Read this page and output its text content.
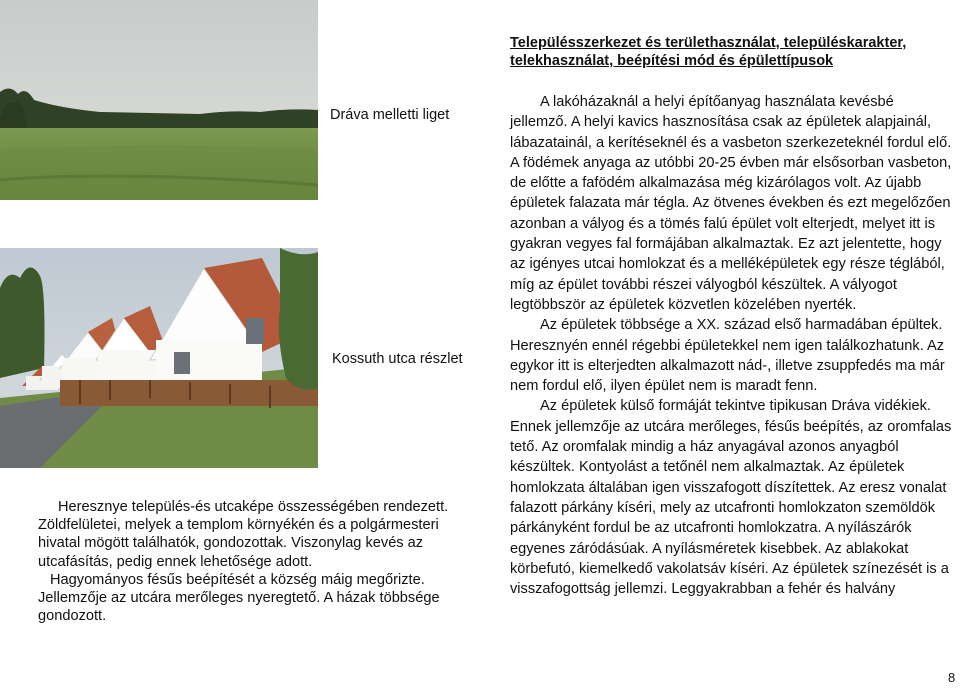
Dráva melletti liget
Kossuth utca részlet
Településszerkezet és területhasználat, településkarakter, telekhasználat, beépítési mód és épülettípusok

A lakóházaknál a helyi építőanyag használata kevésbé jellemző. A helyi kavics hasznosítása csak az épületek alapjainál, lábazatainál, a kerítéseknél és a vasbeton szerkezeteknél fordul elő. A födémek anyaga az utóbbi 20-25 évben már elsősorban vasbeton, de előtte a fafödém alkalmazása még kizárólagos volt. Az újabb épületek falazata már tégla. Az ötvenes években és ezt megelőzően azonban a vályog és a tömés falú épület volt elterjedt, melyet itt is gyakran vegyes fal formájában alkalmaztak. Ez azt jelentette, hogy az igényes utcai homlokzat és a melléképületek egy része téglából, míg az épület további részei vályogból készültek. A vályogot legtöbbször az épületek közvetlen közelében nyerték.

Az épületek többsége a XX. század első harmadában épültek. Heresznyén ennél régebbi épületekkel nem igen találkozhatunk. Az egykor itt is elterjedten alkalmazott nád-, illetve zsuppfedés ma már nem fordul elő, ilyen épület nem is maradt fenn.

Az épületek külső formáját tekintve tipikusan Dráva vidékiek. Ennek jellemzője az utcára merőleges, fésűs beépítés, az oromfalas tető. Az oromfalak mindig a ház anyagával azonos anyagból készültek. Kontyolást a tetőnél nem alkalmaztak. Az épületek homlokzata általában igen visszafogott díszítettek. Az eresz vonalat falazott párkány kíséri, mely az utcafronti homlokzaton szemöldök párkányként fordul be az utcafronti homlokzatra. A nyílászárók egyenes záródásúak. A nyílásméretek kisebbek. Az ablakokat körbefutó, kiemelkedő vakolatsáv kíséri. Az épületek színezését is a visszafogottság jellemzi. Leggyakrabban a fehér és halvány

Heresznye település-és utcaképe összességében rendezett. Zöldfelületei, melyek a templom környékén és a polgármesteri hivatal mögött találhatók, gondozottak. Viszonylag kevés az utcafásítás, pedig ennek lehetősége adott.

Hagyományos fésűs beépítését a község máig megőrizte. Jellemzője az utcára merőleges nyeregtető. A házak többsége gondozott.

8
